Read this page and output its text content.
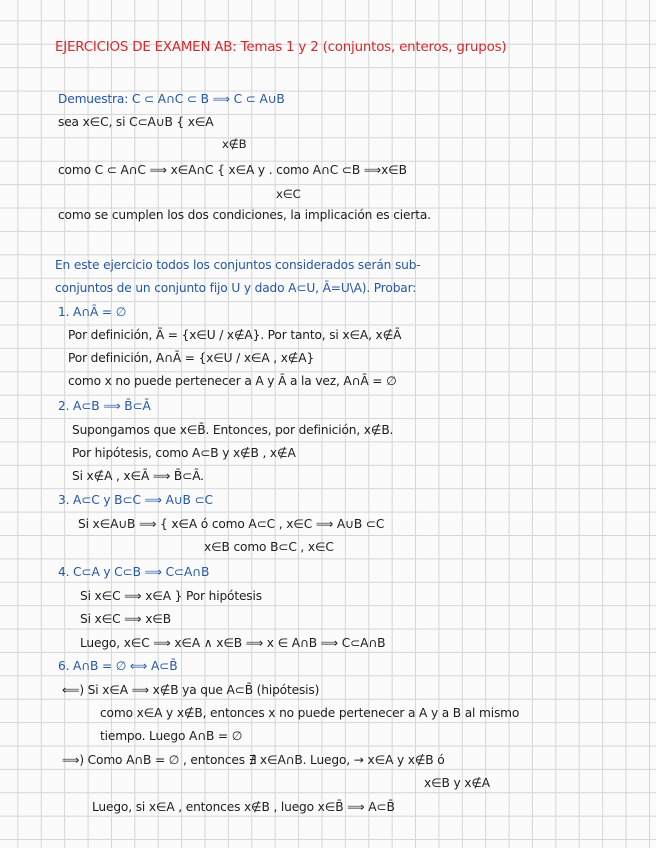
EJERCICIOS DE EXAMEN AB: Temas 1 y 2 (conjuntos, enteros, grupos)
Demuestra: C ⊂ A∩C ⊂ B ⟹ C ⊂ A∪B
sea x∈C, si C⊂A∪B { x∈A
x∉B
como C ⊂ A∩C ⟹ x∈A∩C { x∈A y . como A∩C ⊂B ⟹x∈B
x∈C
como se cumplen los dos condiciones, la implicación es cierta.
En este ejercicio todos los conjuntos considerados serán sub-
conjuntos de un conjunto fijo U y dado A⊂U, Ā=U\A). Probar:
1. A∩Ā = ∅
Por definición, Ā = {x∈U / x∉A}. Por tanto, si x∈A, x∉Ā
Por definición, A∩Ā = {x∈U / x∈A , x∉A}
como x no puede pertenecer a A y Ā a la vez, A∩Ā = ∅
2. A⊂B ⟹ B̄⊂Ā
Supongamos que x∈B̄. Entonces, por definición, x∉B.
Por hipótesis, como A⊂B y x∉B , x∉A
Si x∉A , x∈Ā ⟹ B̄⊂Ā.
3. A⊂C y B⊂C ⟹ A∪B ⊂C
Si x∈A∪B ⟹ { x∈A ó como A⊂C , x∈C ⟹ A∪B ⊂C
x∈B como B⊂C , x∈C
4. C⊂A y C⊂B ⟹ C⊂A∩B
Si x∈C ⟹ x∈A } Por hipótesis
Si x∈C ⟹ x∈B
Luego, x∈C ⟹ x∈A ∧ x∈B ⟹ x ∈ A∩B ⟹ C⊂A∩B
6. A∩B = ∅ ⟺ A⊂B̄
⟸) Si x∈A ⟹ x∉B ya que A⊂B̄ (hipótesis)
como x∈A y x∉B, entonces x no puede pertenecer a A y a B al mismo
tiempo. Luego A∩B = ∅
⟹) Como A∩B = ∅ , entonces ∄ x∈A∩B. Luego, → x∈A y x∉B ó
x∈B y x∉A
Luego, si x∈A , entonces x∉B , luego x∈B̄ ⟹ A⊂B̄
